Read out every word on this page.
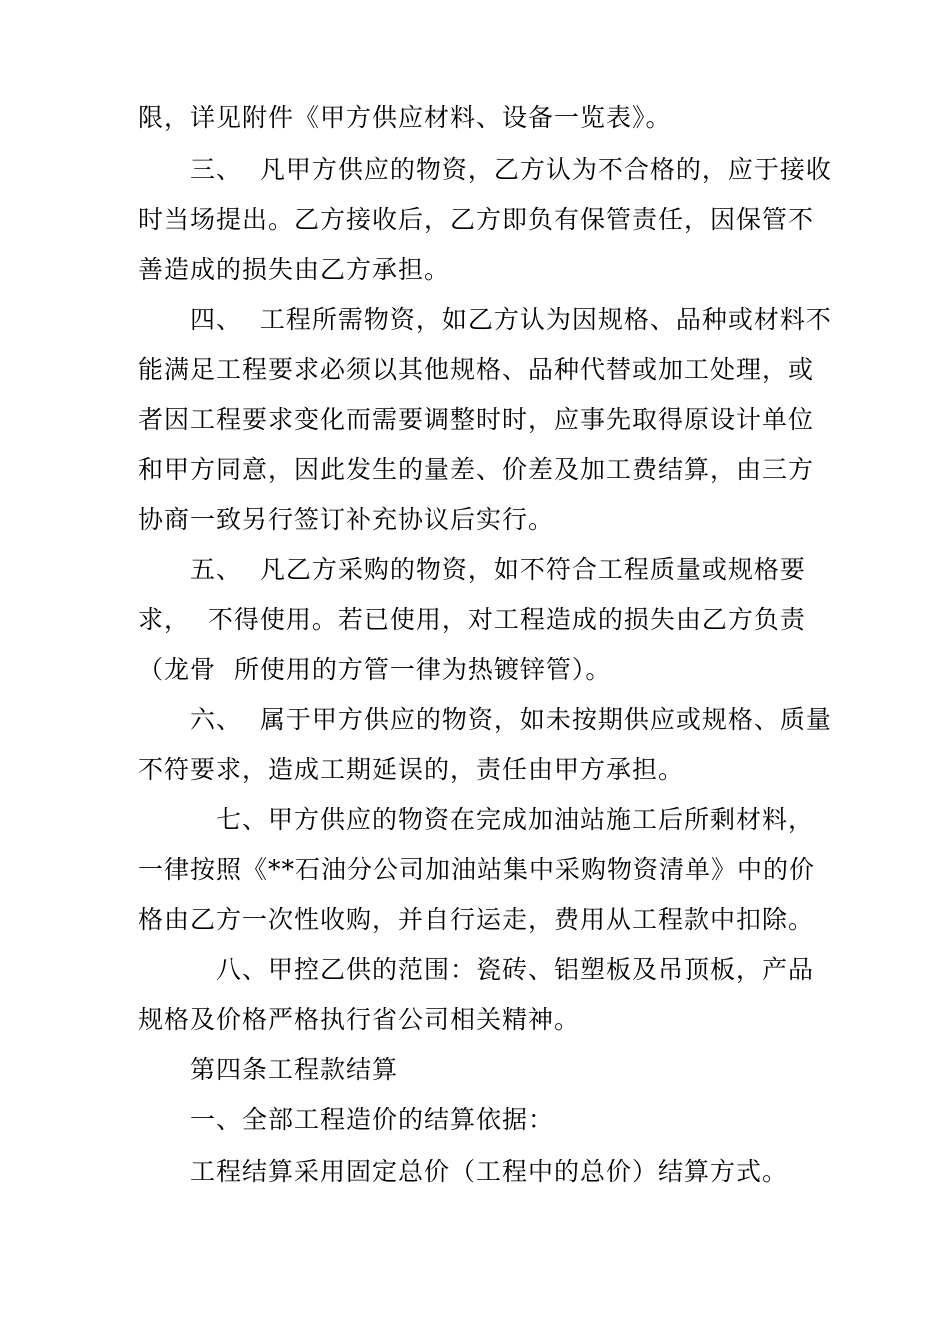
限，详见附件《甲方供应材料、设备一览表》。
三、  凡甲方供应的物资，乙方认为不合格的，应于接收
时当场提出。乙方接收后，乙方即负有保管责任，因保管不
善造成的损失由乙方承担。
四、  工程所需物资，如乙方认为因规格、品种或材料不
能满足工程要求必须以其他规格、品种代替或加工处理，或
者因工程要求变化而需要调整时时，应事先取得原设计单位
和甲方同意，因此发生的量差、价差及加工费结算，由三方
协商一致另行签订补充协议后实行。
五、  凡乙方采购的物资，如不符合工程质量或规格要
求，  不得使用。若已使用，对工程造成的损失由乙方负责
（龙骨  所使用的方管一律为热镀锌管）。
六、  属于甲方供应的物资，如未按期供应或规格、质量
不符要求，造成工期延误的，责任由甲方承担。
七、甲方供应的物资在完成加油站施工后所剩材料，
一律按照《**石油分公司加油站集中采购物资清单》中的价
格由乙方一次性收购，并自行运走，费用从工程款中扣除。
八、甲控乙供的范围：瓷砖、铝塑板及吊顶板，产品
规格及价格严格执行省公司相关精神。
第四条工程款结算
一、全部工程造价的结算依据：
工程结算采用固定总价（工程中的总价）结算方式。
